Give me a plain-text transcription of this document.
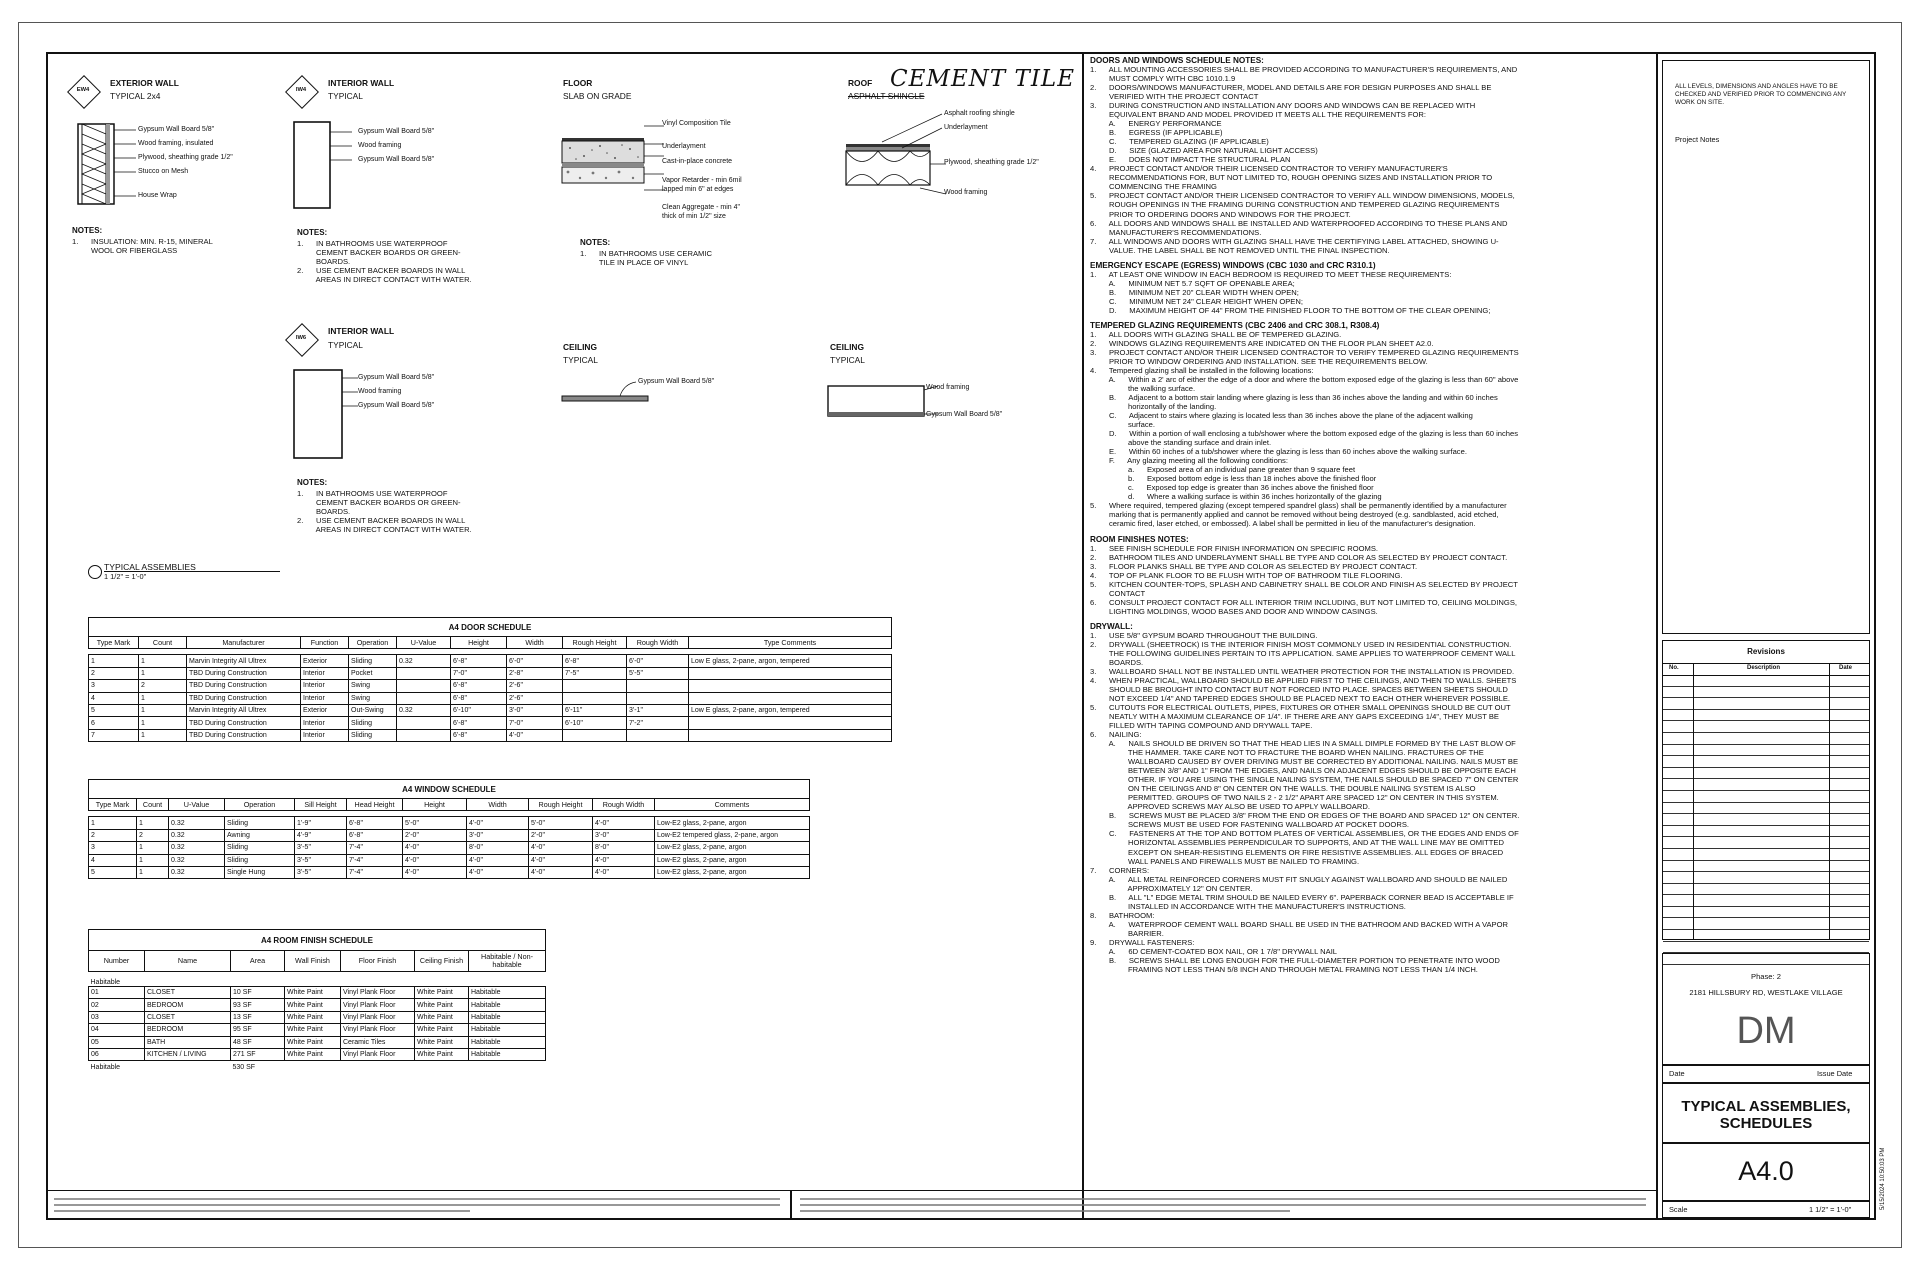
EW4
EXTERIOR WALL
TYPICAL 2x4
Gypsum Wall Board 5/8"
Wood framing, insulated
Plywood, sheathing grade 1/2"
Stucco on Mesh
House Wrap
NOTES:
1.      INSULATION: MIN. R-15, MINERAL
WOOL OR FIBERGLASS
IW4
INTERIOR WALL
TYPICAL
Gypsum Wall Board 5/8"
Wood framing
Gypsum Wall Board 5/8"
NOTES:
1.      IN BATHROOMS USE WATERPROOF
CEMENT BACKER BOARDS OR GREEN-
BOARDS.
2.      USE CEMENT BACKER BOARDS IN WALL
AREAS IN DIRECT CONTACT WITH WATER.
FLOOR
SLAB ON GRADE
Vinyl Composition Tile
Underlayment
Cast-in-place concrete
Vapor Retarder - min 6mil
lapped min 6" at edges
Clean Aggregate - min 4"
thick of min 1/2" size
NOTES:
1.      IN BATHROOMS USE CERAMIC
TILE IN PLACE OF VINYL
ROOF CEMENT TILE
ASPHALT SHINGLE
Asphalt roofing shingle
Underlayment
Plywood, sheathing grade 1/2"
Wood framing
IW6
INTERIOR WALL
TYPICAL
Gypsum Wall Board 5/8"
Wood framing
Gypsum Wall Board 5/8"
NOTES:
1.      IN BATHROOMS USE WATERPROOF
CEMENT BACKER BOARDS OR GREEN-
BOARDS.
2.      USE CEMENT BACKER BOARDS IN WALL
AREAS IN DIRECT CONTACT WITH WATER.
CEILING
TYPICAL
Gypsum Wall Board 5/8"
CEILING
TYPICAL
Wood framing
Gypsum Wall Board 5/8"
TYPICAL ASSEMBLIES
1 1/2" = 1'-0"
A4 DOOR SCHEDULE
Type Mark	Count	Manufacturer	Function	Operation	U-Value	Height	Width	Rough Height	Rough Width	Type Comments

1	1	Marvin Integrity All Ultrex	Exterior	Sliding	0.32	6'-8"	6'-0"	6'-8"	6'-0"	Low E glass, 2-pane, argon, tempered
2	1	TBD During Construction	Interior	Pocket		7'-0"	2'-8"	7'-5"	5'-5"	
3	2	TBD During Construction	Interior	Swing		6'-8"	2'-6"			
4	1	TBD During Construction	Interior	Swing		6'-8"	2'-6"			
5	1	Marvin Integrity All Ultrex	Exterior	Out-Swing	0.32	6'-10"	3'-0"	6'-11"	3'-1"	Low E glass, 2-pane, argon, tempered
6	1	TBD During Construction	Interior	Sliding		6'-8"	7'-0"	6'-10"	7'-2"	
7	1	TBD During Construction	Interior	Sliding		6'-8"	4'-0"			
A4 WINDOW SCHEDULE
Type Mark	Count	U-Value	Operation	Sill Height	Head Height	Height	Width	Rough Height	Rough Width	Comments

1	1	0.32	Sliding	1'-9"	6'-8"	5'-0"	4'-0"	5'-0"	4'-0"	Low-E2 glass, 2-pane, argon
2	2	0.32	Awning	4'-9"	6'-8"	2'-0"	3'-0"	2'-0"	3'-0"	Low-E2 tempered glass, 2-pane, argon
3	1	0.32	Sliding	3'-5"	7'-4"	4'-0"	8'-0"	4'-0"	8'-0"	Low-E2 glass, 2-pane, argon
4	1	0.32	Sliding	3'-5"	7'-4"	4'-0"	4'-0"	4'-0"	4'-0"	Low-E2 glass, 2-pane, argon
5	1	0.32	Single Hung	3'-5"	7'-4"	4'-0"	4'-0"	4'-0"	4'-0"	Low-E2 glass, 2-pane, argon
A4 ROOM FINISH SCHEDULE
Number	Name	Area	Wall Finish	Floor Finish	Ceiling Finish	Habitable / Non-habitable
Habitable						
01	CLOSET	10 SF	White Paint	Vinyl Plank Floor	White Paint	Habitable
02	BEDROOM	93 SF	White Paint	Vinyl Plank Floor	White Paint	Habitable
03	CLOSET	13 SF	White Paint	Vinyl Plank Floor	White Paint	Habitable
04	BEDROOM	95 SF	White Paint	Vinyl Plank Floor	White Paint	Habitable
05	BATH	48 SF	White Paint	Ceramic Tiles	White Paint	Habitable
06	KITCHEN / LIVING	271 SF	White Paint	Vinyl Plank Floor	White Paint	Habitable
Habitable		530 SF				
DOORS AND WINDOWS SCHEDULE NOTES:
1.      ALL MOUNTING ACCESSORIES SHALL BE PROVIDED ACCORDING TO MANUFACTURER'S REQUIREMENTS, AND
MUST COMPLY WITH CBC 1010.1.9
2.      DOORS/WINDOWS MANUFACTURER, MODEL AND DETAILS ARE FOR DESIGN PURPOSES AND SHALL BE
VERIFIED WITH THE PROJECT CONTACT
3.      DURING CONSTRUCTION AND INSTALLATION ANY DOORS AND WINDOWS CAN BE REPLACED WITH
EQUIVALENT BRAND AND MODEL PROVIDED IT MEETS ALL THE REQUIREMENTS FOR:
A.      ENERGY PERFORMANCE
B.      EGRESS (IF APPLICABLE)
C.      TEMPERED GLAZING (IF APPLICABLE)
D.      SIZE (GLAZED AREA FOR NATURAL LIGHT ACCESS)
E.      DOES NOT IMPACT THE STRUCTURAL PLAN
4.      PROJECT CONTACT AND/OR THEIR LICENSED CONTRACTOR TO VERIFY MANUFACTURER'S
RECOMMENDATIONS FOR, BUT NOT LIMITED TO, ROUGH OPENING SIZES AND INSTALLATION PRIOR TO
COMMENCING THE FRAMING
5.      PROJECT CONTACT AND/OR THEIR LICENSED CONTRACTOR TO VERIFY ALL WINDOW DIMENSIONS, MODELS,
ROUGH OPENINGS IN THE FRAMING DURING CONSTRUCTION AND TEMPERED GLAZING REQUIREMENTS
PRIOR TO ORDERING DOORS AND WINDOWS FOR THE PROJECT.
6.      ALL DOORS AND WINDOWS SHALL BE INSTALLED AND WATERPROOFED ACCORDING TO THESE PLANS AND
MANUFACTURER'S RECOMMENDATIONS.
7.      ALL WINDOWS AND DOORS WITH GLAZING SHALL HAVE THE CERTIFYING LABEL ATTACHED, SHOWING U-
VALUE. THE LABEL SHALL BE NOT REMOVED UNTIL THE FINAL INSPECTION.
EMERGENCY ESCAPE (EGRESS) WINDOWS (CBC 1030 and CRC R310.1)
1.      AT LEAST ONE WINDOW IN EACH BEDROOM IS REQUIRED TO MEET THESE REQUIREMENTS:
A.      MINIMUM NET 5.7 SQFT OF OPENABLE AREA;
B.      MINIMUM NET 20" CLEAR WIDTH WHEN OPEN;
C.      MINIMUM NET 24" CLEAR HEIGHT WHEN OPEN;
D.      MAXIMUM HEIGHT OF 44" FROM THE FINISHED FLOOR TO THE BOTTOM OF THE CLEAR OPENING;
TEMPERED GLAZING REQUIREMENTS (CBC 2406 and CRC 308.1, R308.4)
1.      ALL DOORS WITH GLAZING SHALL BE OF TEMPERED GLAZING.
2.      WINDOWS GLAZING REQUIREMENTS ARE INDICATED ON THE FLOOR PLAN SHEET A2.0.
3.      PROJECT CONTACT AND/OR THEIR LICENSED CONTRACTOR TO VERIFY TEMPERED GLAZING REQUIREMENTS
PRIOR TO WINDOW ORDERING AND INSTALLATION. SEE THE REQUIREMENTS BELOW.
4.      Tempered glazing shall be installed in the following locations:
A.      Within a 2' arc of either the edge of a door and where the bottom exposed edge of the glazing is less than 60" above
the walking surface.
B.      Adjacent to a bottom stair landing where glazing is less than 36 inches above the landing and within 60 inches
horizontally of the landing.
C.      Adjacent to stairs where glazing is located less than 36 inches above the plane of the adjacent walking
surface.
D.      Within a portion of wall enclosing a tub/shower where the bottom exposed edge of the glazing is less than 60 inches
above the standing surface and drain inlet.
E.      Within 60 inches of a tub/shower where the glazing is less than 60 inches above the walking surface.
F.      Any glazing meeting all the following conditions:
a.      Exposed area of an individual pane greater than 9 square feet
b.      Exposed bottom edge is less than 18 inches above the finished floor
c.      Exposed top edge is greater than 36 inches above the finished floor
d.      Where a walking surface is within 36 inches horizontally of the glazing
5.      Where required, tempered glazing (except tempered spandrel glass) shall be permanently identified by a manufacturer
marking that is permanently applied and cannot be removed without being destroyed (e.g. sandblasted, acid etched,
ceramic fired, laser etched, or embossed). A label shall be permitted in lieu of the manufacturer's designation.
ROOM FINISHES NOTES:
1.      SEE FINISH SCHEDULE FOR FINISH INFORMATION ON SPECIFIC ROOMS.
2.      BATHROOM TILES AND UNDERLAYMENT SHALL BE TYPE AND COLOR AS SELECTED BY PROJECT CONTACT.
3.      FLOOR PLANKS SHALL BE TYPE AND COLOR AS SELECTED BY PROJECT CONTACT.
4.      TOP OF PLANK FLOOR TO BE FLUSH WITH TOP OF BATHROOM TILE FLOORING.
5.      KITCHEN COUNTER-TOPS, SPLASH AND CABINETRY SHALL BE COLOR AND FINISH AS SELECTED BY PROJECT
CONTACT
6.      CONSULT PROJECT CONTACT FOR ALL INTERIOR TRIM INCLUDING, BUT NOT LIMITED TO, CEILING MOLDINGS,
LIGHTING MOLDINGS, WOOD BASES AND DOOR AND WINDOW CASINGS.
DRYWALL:
1.      USE 5/8" GYPSUM BOARD THROUGHOUT THE BUILDING.
2.      DRYWALL (SHEETROCK) IS THE INTERIOR FINISH MOST COMMONLY USED IN RESIDENTIAL CONSTRUCTION.
THE FOLLOWING GUIDELINES PERTAIN TO ITS APPLICATION. SAME APPLIES TO WATERPROOF CEMENT WALL
BOARDS.
3.      WALLBOARD SHALL NOT BE INSTALLED UNTIL WEATHER PROTECTION FOR THE INSTALLATION IS PROVIDED.
4.      WHEN PRACTICAL, WALLBOARD SHOULD BE APPLIED FIRST TO THE CEILINGS, AND THEN TO WALLS. SHEETS
SHOULD BE BROUGHT INTO CONTACT BUT NOT FORCED INTO PLACE. SPACES BETWEEN SHEETS SHOULD
NOT EXCEED 1/4" AND TAPERED EDGES SHOULD BE PLACED NEXT TO EACH OTHER WHEREVER POSSIBLE.
5.      CUTOUTS FOR ELECTRICAL OUTLETS, PIPES, FIXTURES OR OTHER SMALL OPENINGS SHOULD BE CUT OUT
NEATLY WITH A MAXIMUM CLEARANCE OF 1/4". IF THERE ARE ANY GAPS EXCEEDING 1/4", THEY MUST BE
FILLED WITH TAPING COMPOUND AND DRYWALL TAPE.
6.      NAILING:
A.      NAILS SHOULD BE DRIVEN SO THAT THE HEAD LIES IN A SMALL DIMPLE FORMED BY THE LAST BLOW OF
THE HAMMER. TAKE CARE NOT TO FRACTURE THE BOARD WHEN NAILING. FRACTURES OF THE
WALLBOARD CAUSED BY OVER DRIVING MUST BE CORRECTED BY ADDITIONAL NAILING. NAILS MUST BE
BETWEEN 3/8" AND 1" FROM THE EDGES, AND NAILS ON ADJACENT EDGES SHOULD BE OPPOSITE EACH
OTHER. IF YOU ARE USING THE SINGLE NAILING SYSTEM, THE NAILS SHOULD BE SPACED 7" ON CENTER
ON THE CEILINGS AND 8" ON CENTER ON THE WALLS. THE DOUBLE NAILING SYSTEM IS ALSO
PERMITTED. GROUPS OF TWO NAILS 2 - 2 1/2" APART ARE SPACED 12" ON CENTER IN THIS SYSTEM.
APPROVED SCREWS MAY ALSO BE USED TO APPLY WALLBOARD.
B.      SCREWS MUST BE PLACED 3/8" FROM THE END OR EDGES OF THE BOARD AND SPACED 12" ON CENTER.
SCREWS MUST BE USED FOR FASTENING WALLBOARD AT POCKET DOORS.
C.      FASTENERS AT THE TOP AND BOTTOM PLATES OF VERTICAL ASSEMBLIES, OR THE EDGES AND ENDS OF
HORIZONTAL ASSEMBLIES PERPENDICULAR TO SUPPORTS, AND AT THE WALL LINE MAY BE OMITTED
EXCEPT ON SHEAR-RESISTING ELEMENTS OR FIRE RESISTIVE ASSEMBLIES. ALL EDGES OF BRACED
WALL PANELS AND FIREWALLS MUST BE NAILED TO FRAMING.
7.      CORNERS:
A.      ALL METAL REINFORCED CORNERS MUST FIT SNUGLY AGAINST WALLBOARD AND SHOULD BE NAILED
APPROXIMATELY 12" ON CENTER.
B.      ALL "L" EDGE METAL TRIM SHOULD BE NAILED EVERY 6". PAPERBACK CORNER BEAD IS ACCEPTABLE IF
INSTALLED IN ACCORDANCE WITH THE MANUFACTURER'S INSTRUCTIONS.
8.      BATHROOM:
A.      WATERPROOF CEMENT WALL BOARD SHALL BE USED IN THE BATHROOM AND BACKED WITH A VAPOR
BARRIER.
9.      DRYWALL FASTENERS:
A.      6D CEMENT-COATED BOX NAIL, OR 1 7/8" DRYWALL NAIL
B.      SCREWS SHALL BE LONG ENOUGH FOR THE FULL-DIAMETER PORTION TO PENETRATE INTO WOOD
FRAMING NOT LESS THAN 5/8 INCH AND THROUGH METAL FRAMING NOT LESS THAN 1/4 INCH.
ALL LEVELS, DIMENSIONS AND ANGLES HAVE TO BE CHECKED AND VERIFIED PRIOR TO COMMENCING ANY WORK ON SITE.
Project Notes
Revisions
No.	Description	Date
Phase: 2
2181 HILLSBURY RD, WESTLAKE VILLAGE
DM
Date	Issue Date
TYPICAL ASSEMBLIES, SCHEDULES
A4.0
Scale	1 1/2" = 1'-0"	5/15/2024 10:50:03 PM
